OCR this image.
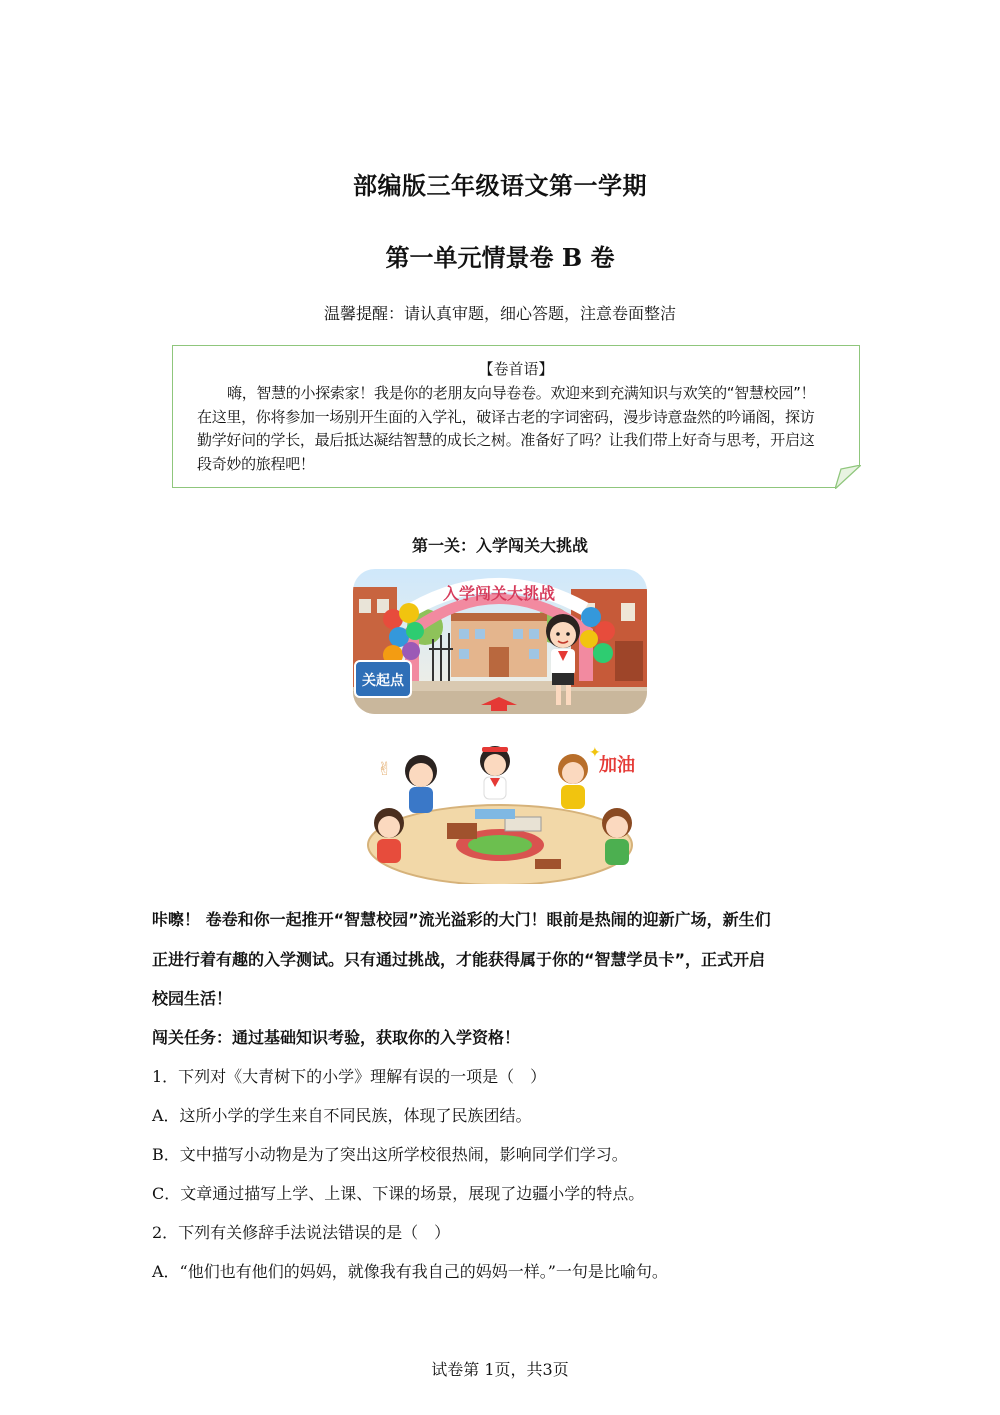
部编版三年级语文第一学期
第一单元情景卷 B 卷
温馨提醒：请认真审题，细心答题，注意卷面整洁
【卷首语】
嗨，智慧的小探索家！我是你的老朋友向导卷卷。欢迎来到充满知识与欢笑的“智慧校园”！在这里，你将参加一场别开生面的入学礼，破译古老的字词密码，漫步诗意盎然的吟诵阁，探访勤学好问的学长，最后抵达凝结智慧的成长之树。准备好了吗？让我们带上好奇与思考，开启这段奇妙的旅程吧！
第一关：入学闯关大挑战
入学闯关大挑战
关起点
✌
✦
加油
咔嚓！ 卷卷和你一起推开“智慧校园”流光溢彩的大门！眼前是热闹的迎新广场，新生们
正进行着有趣的入学测试。只有通过挑战，才能获得属于你的“智慧学员卡”，正式开启
校园生活！
闯关任务：通过基础知识考验，获取你的入学资格！
1．下列对《大青树下的小学》理解有误的一项是（　）
A．这所小学的学生来自不同民族，体现了民族团结。
B．文中描写小动物是为了突出这所学校很热闹，影响同学们学习。
C．文章通过描写上学、上课、下课的场景，展现了边疆小学的特点。
2．下列有关修辞手法说法错误的是（　）
A．“他们也有他们的妈妈，就像我有我自己的妈妈一样。”一句是比喻句。
试卷第 1页，共3页
